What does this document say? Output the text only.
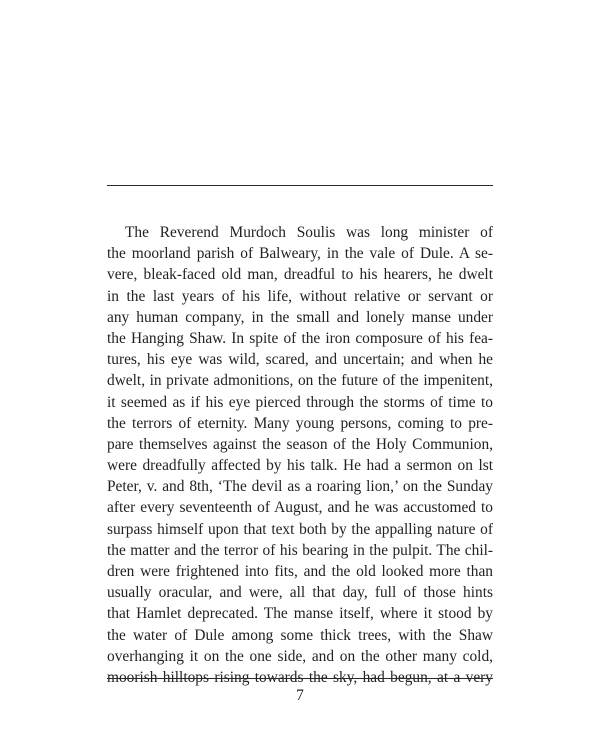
The Reverend Murdoch Soulis was long minister of
the moorland parish of Balweary, in the vale of Dule. A se-
vere, bleak-faced old man, dreadful to his hearers, he dwelt
in the last years of his life, without relative or servant or
any human company, in the small and lonely manse under
the Hanging Shaw. In spite of the iron composure of his fea-
tures, his eye was wild, scared, and uncertain; and when he
dwelt, in private admonitions, on the future of the impenitent,
it seemed as if his eye pierced through the storms of time to
the terrors of eternity. Many young persons, coming to pre-
pare themselves against the season of the Holy Communion,
were dreadfully affected by his talk. He had a sermon on lst
Peter, v. and 8th, ‘The devil as a roaring lion,’ on the Sunday
after every seventeenth of August, and he was accustomed to
surpass himself upon that text both by the appalling nature of
the matter and the terror of his bearing in the pulpit. The chil-
dren were frightened into fits, and the old looked more than
usually oracular, and were, all that day, full of those hints
that Hamlet deprecated. The manse itself, where it stood by
the water of Dule among some thick trees, with the Shaw
overhanging it on the one side, and on the other many cold,
moorish hilltops rising towards the sky, had begun, at a very
7
